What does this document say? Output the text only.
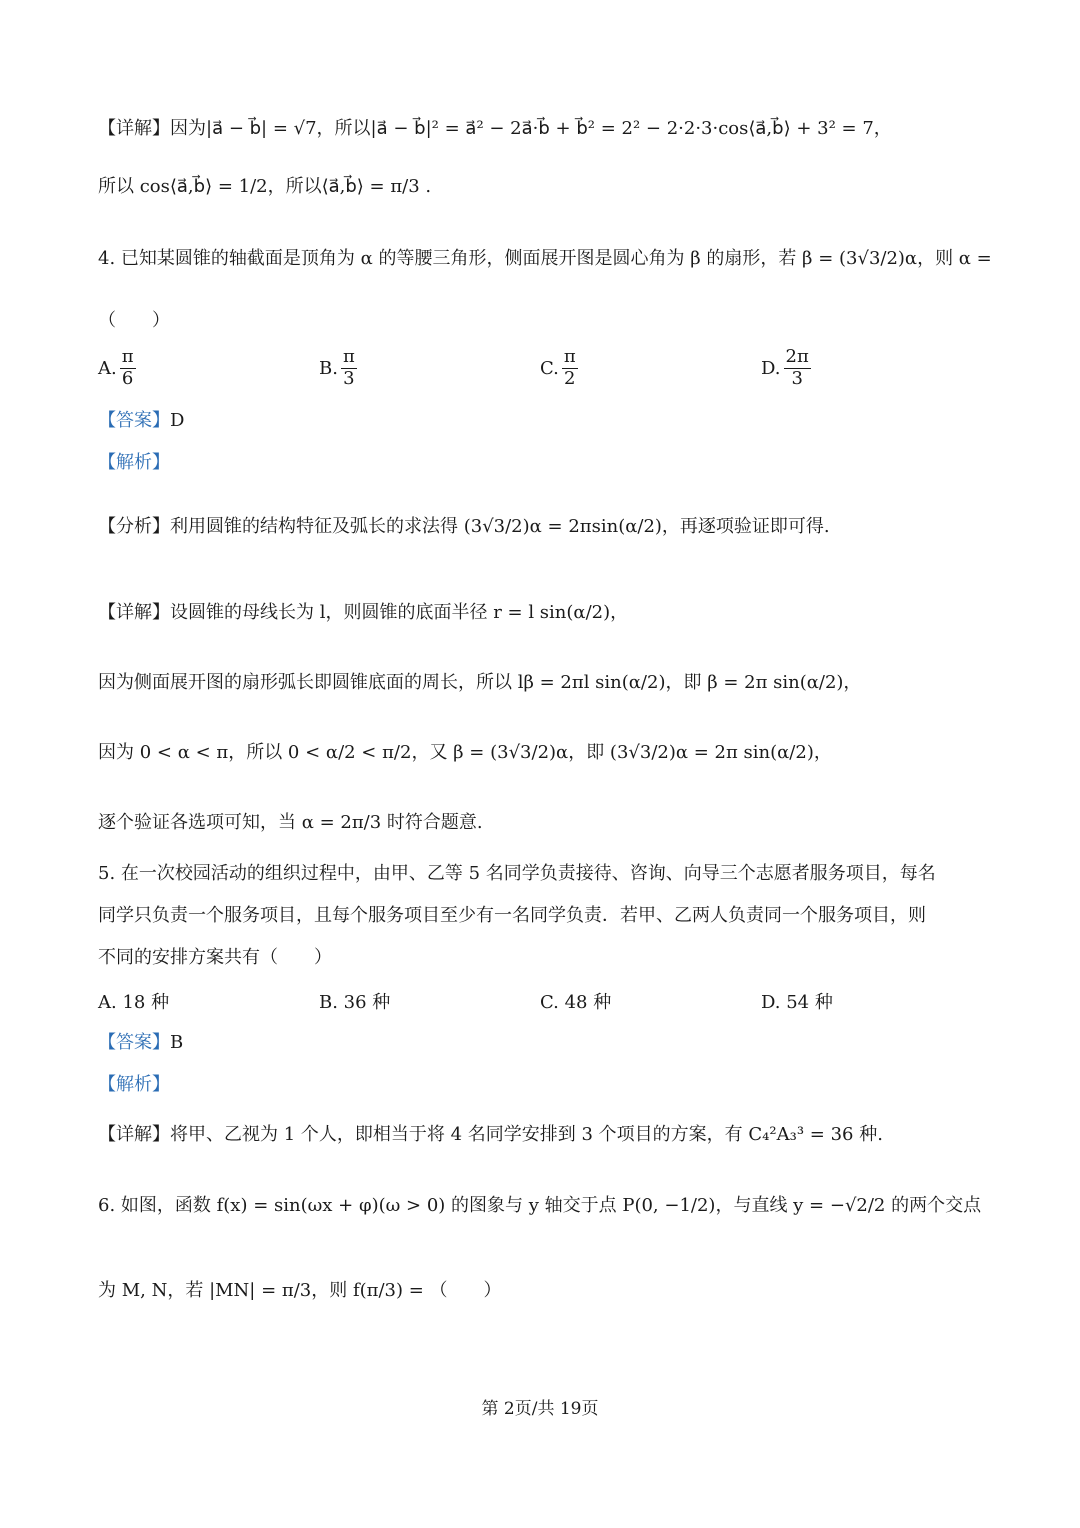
【详解】因为|a⃗ − b⃗| = √7，所以|a⃗ − b⃗|² = a⃗² − 2a⃗·b⃗ + b⃗² = 2² − 2·2·3·cos⟨a⃗,b⃗⟩ + 3² = 7，
所以 cos⟨a⃗,b⃗⟩ = 1/2，所以⟨a⃗,b⃗⟩ = π/3 .
4. 已知某圆锥的轴截面是顶角为 α 的等腰三角形，侧面展开图是圆心角为 β 的扇形，若 β = (3√3/2)α，则 α =
（　　）
A. $\frac{\pi}{6}$	B. $\frac{\pi}{3}$	C. $\frac{\pi}{2}$	D. $\frac{2\pi}{3}$
【答案】 D
【解析】
【分析】利用圆锥的结构特征及弧长的求法得 (3√3/2)α = 2πsin(α/2)，再逐项验证即可得.
【详解】设圆锥的母线长为 l，则圆锥的底面半径 r = l sin(α/2)，
因为侧面展开图的扇形弧长即圆锥底面的周长，所以 lβ = 2πl sin(α/2)，即 β = 2π sin(α/2)，
因为 0 < α < π，所以 0 < α/2 < π/2，又 β = (3√3/2)α，即 (3√3/2)α = 2π sin(α/2)，
逐个验证各选项可知，当 α = 2π/3 时符合题意.
5. 在一次校园活动的组织过程中，由甲、乙等 5 名同学负责接待、咨询、向导三个志愿者服务项目，每名
同学只负责一个服务项目，且每个服务项目至少有一名同学负责．若甲、乙两人负责同一个服务项目，则
不同的安排方案共有（　　）
A. 18 种	B. 36 种	C. 48 种	D. 54 种
【答案】 B
【解析】
【详解】将甲、乙视为 1 个人，即相当于将 4 名同学安排到 3 个项目的方案，有 C₄²A₃³ = 36 种.
6. 如图，函数 f(x) = sin(ωx + φ)(ω > 0) 的图象与 y 轴交于点 P(0, −1/2)，与直线 y = −√2/2 的两个交点
为 M, N，若 |MN| = π/3，则 f(π/3) = （　　）
第 2页/共 19页
